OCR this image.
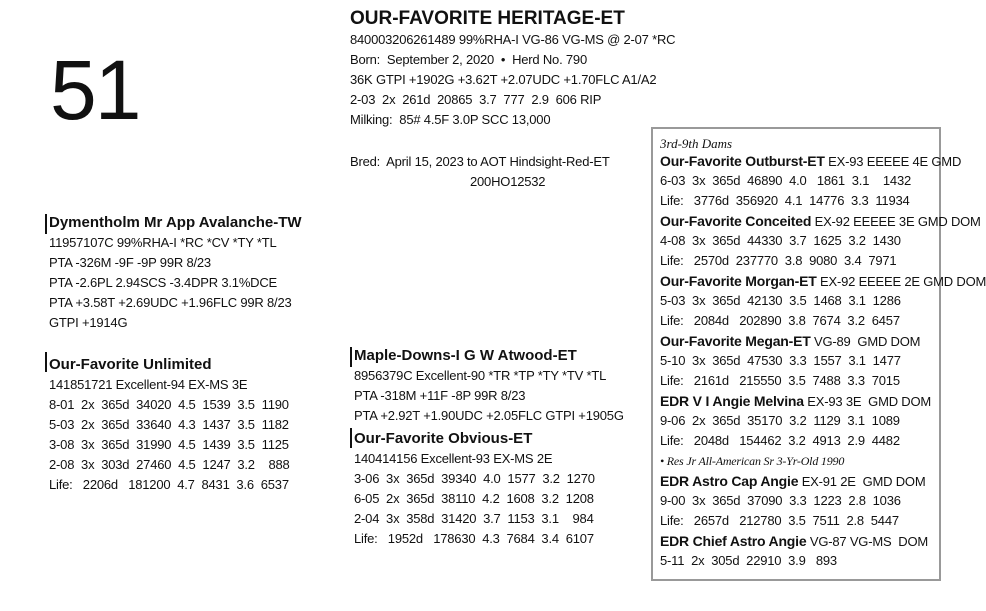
51
OUR-FAVORITE HERITAGE-ET
840003206261489 99%RHA-I VG-86 VG-MS @ 2-07 *RC
Born:  September 2, 2020  •  Herd No. 790
36K GTPI +1902G +3.62T +2.07UDC +1.70FLC A1/A2
2-03  2x  261d  20865  3.7  777  2.9  606 RIP
Milking:  85# 4.5F 3.0P SCC 13,000
Bred:  April 15, 2023 to AOT Hindsight-Red-ET
200HO12532
Dymentholm Mr App Avalanche-TW
11957107C 99%RHA-I *RC *CV *TY *TL
PTA -326M -9F -9P 99R 8/23
PTA -2.6PL 2.94SCS -3.4DPR 3.1%DCE
PTA +3.58T +2.69UDC +1.96FLC 99R 8/23
GTPI +1914G
Our-Favorite Unlimited
141851721 Excellent-94 EX-MS 3E
8-01  2x  365d  34020  4.5  1539  3.5  1190
5-03  2x  365d  33640  4.3  1437  3.5  1182
3-08  3x  365d  31990  4.5  1439  3.5  1125
2-08  3x  303d  27460  4.5  1247  3.2    888
Life:   2206d   181200  4.7  8431  3.6  6537
Maple-Downs-I G W Atwood-ET
8956379C Excellent-90 *TR *TP *TY *TV *TL
PTA -318M +11F -8P 99R 8/23
PTA +2.92T +1.90UDC +2.05FLC GTPI +1905G
Our-Favorite Obvious-ET
140414156 Excellent-93 EX-MS 2E
3-06  3x  365d  39340  4.0  1577  3.2  1270
6-05  2x  365d  38110  4.2  1608  3.2  1208
2-04  3x  358d  31420  3.7  1153  3.1    984
Life:   1952d   178630  4.3  7684  3.4  6107
3rd-9th Dams
Our-Favorite Outburst-ET EX-93 EEEEE 4E GMD
6-03  3x  365d  46890  4.0   1861  3.1    1432
Life:   3776d  356920  4.1  14776  3.3  11934
Our-Favorite Conceited EX-92 EEEEE 3E GMD DOM
4-08  3x  365d  44330  3.7  1625  3.2  1430
Life:   2570d  237770  3.8  9080  3.4  7971
Our-Favorite Morgan-ET EX-92 EEEEE 2E GMD DOM
5-03  3x  365d  42130  3.5  1468  3.1  1286
Life:   2084d   202890  3.8  7674  3.2  6457
Our-Favorite Megan-ET VG-89  GMD DOM
5-10  3x  365d  47530  3.3  1557  3.1  1477
Life:   2161d   215550  3.5  7488  3.3  7015
EDR V I Angie Melvina EX-93 3E  GMD DOM
9-06  2x  365d  35170  3.2  1129  3.1  1089
Life:   2048d   154462  3.2  4913  2.9  4482
• Res Jr All-American Sr 3-Yr-Old 1990
EDR Astro Cap Angie EX-91 2E  GMD DOM
9-00  3x  365d  37090  3.3  1223  2.8  1036
Life:   2657d   212780  3.5  7511  2.8  5447
EDR Chief Astro Angie VG-87 VG-MS  DOM
5-11  2x  305d  22910  3.9   893
